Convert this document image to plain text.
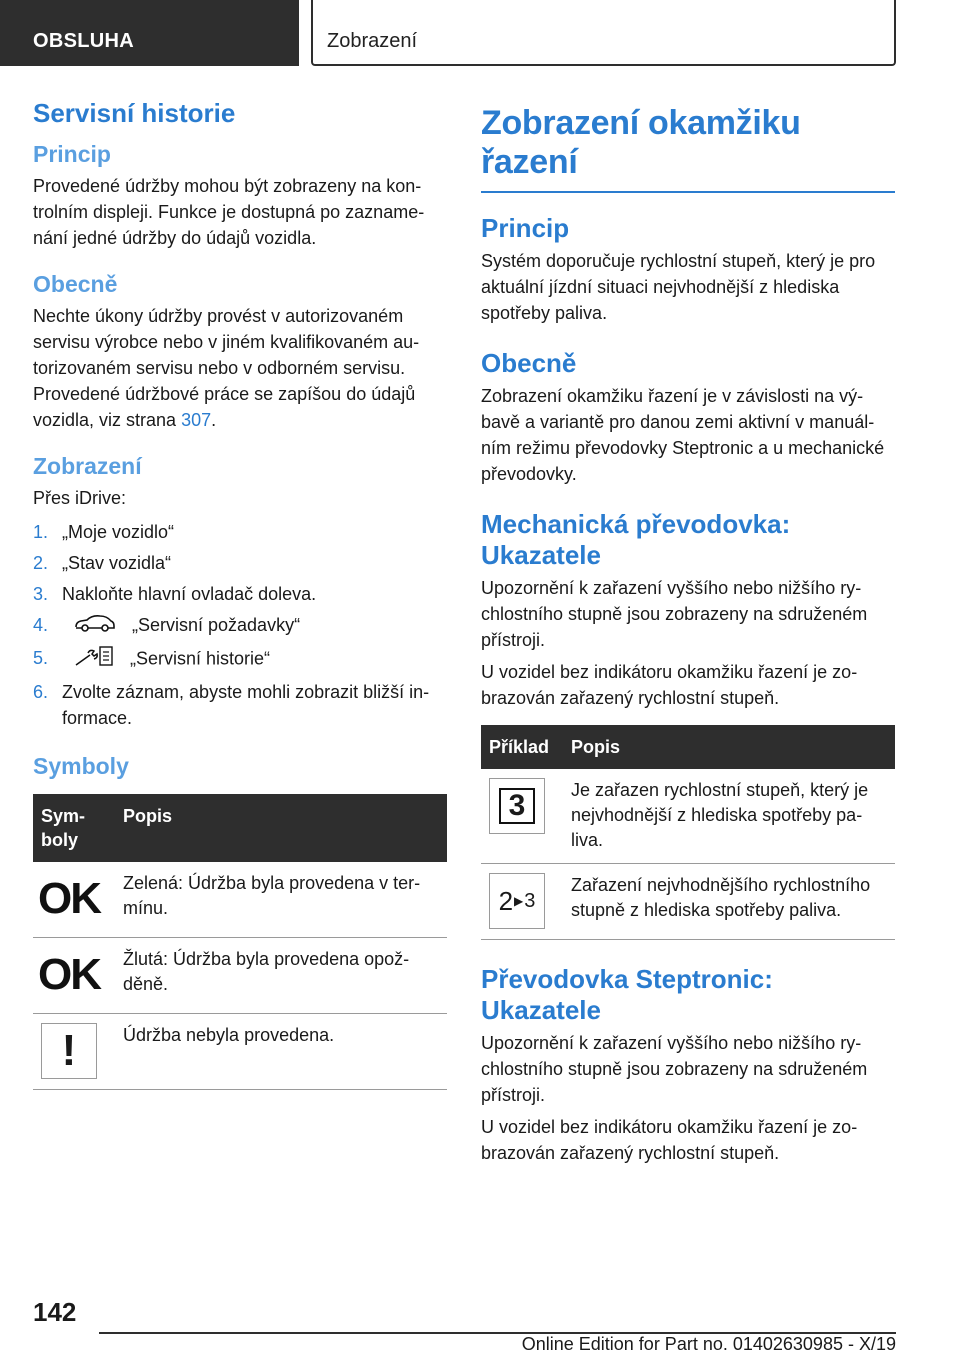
OBSLUHA	Zobrazení
Servisní historie
Princip

Provedené údržby mohou být zobrazeny na kontrolním displeji. Funkce je dostupná po zaznamenání jedné údržby do údajů vozidla.

Obecně

Nechte úkony údržby provést v autorizovaném servisu výrobce nebo v jiném kvalifikovaném autorizovaném servisu nebo v odborném servisu. Provedené údržbové práce se zapíšou do údajů vozidla, viz strana 307.

Zobrazení

Přes iDrive:

1. „Moje vozidlo“
2. „Stav vozidla“
3. Nakloňte hlavní ovladač doleva.
4.	„Servisní požadavky“
5.	„Servisní historie“
6. Zvolte záznam, abyste mohli zobrazit bližší informace.
Symboly
Symboly	Popis

OK	Zelená: Údržba byla provedena v termínu.

OK	Žlutá: Údržba byla provedena opožděně.

!	Údržba nebyla provedena.
Zobrazení okamžiku řazení
Princip

Systém doporučuje rychlostní stupeň, který je pro aktuální jízdní situaci nejvhodnější z hlediska spotřeby paliva.

Obecně

Zobrazení okamžiku řazení je v závislosti na výbavě a variantě pro danou zemi aktivní v manuálním režimu převodovky Steptronic a u mechanické převodovky.

Mechanická převodovka: Ukazatele

Upozornění k zařazení vyššího nebo nižšího rychlostního stupně jsou zobrazeny na sdruženém přístroji.

U vozidel bez indikátoru okamžiku řazení je zobrazován zařazený rychlostní stupeň.

Příklad	Popis

3	Je zařazen rychlostní stupeň, který je nejvhodnější z hlediska spotřeby paliva.

2 ▶ 3	Zařazení nejvhodnějšího rychlostního stupně z hlediska spotřeby paliva.
Převodovka Steptronic: Ukazatele

Upozornění k zařazení vyššího nebo nižšího rychlostního stupně jsou zobrazeny na sdruženém přístroji.

U vozidel bez indikátoru okamžiku řazení je zobrazován zařazený rychlostní stupeň.

142
Online Edition for Part no. 01402630985 - X/19
